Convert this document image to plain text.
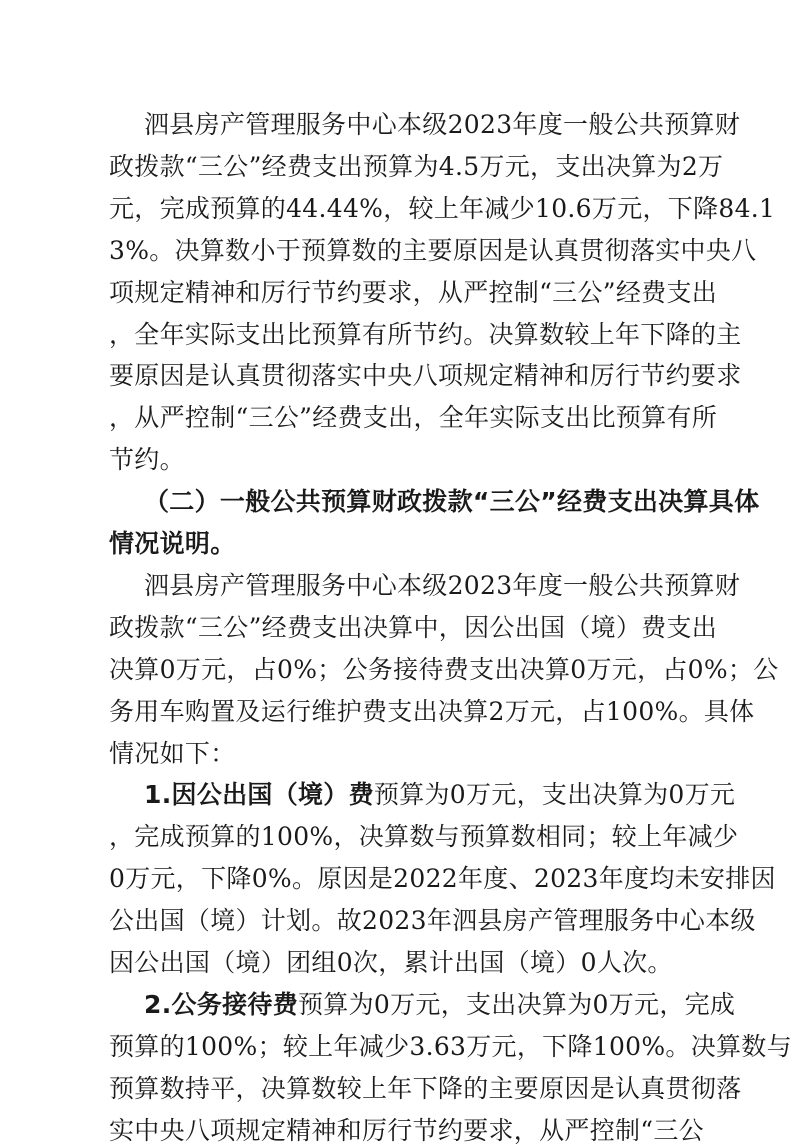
泗县房产管理服务中心本级2023年度一般公共预算财
政拨款“三公”经费支出预算为4.5万元，支出决算为2万
元，完成预算的44.44%，较上年减少10.6万元，下降84.1
3%。决算数小于预算数的主要原因是认真贯彻落实中央八
项规定精神和厉行节约要求，从严控制“三公”经费支出
，全年实际支出比预算有所节约。决算数较上年下降的主
要原因是认真贯彻落实中央八项规定精神和厉行节约要求
，从严控制“三公”经费支出，全年实际支出比预算有所
节约。
（二）一般公共预算财政拨款“三公”经费支出决算具体
情况说明。
泗县房产管理服务中心本级2023年度一般公共预算财
政拨款“三公”经费支出决算中，因公出国（境）费支出
决算0万元，占0%；公务接待费支出决算0万元，占0%；公
务用车购置及运行维护费支出决算2万元，占100%。具体
情况如下：
1.因公出国（境）费预算为0万元，支出决算为0万元
，完成预算的100%，决算数与预算数相同；较上年减少
0万元，下降0%。原因是2022年度、2023年度均未安排因
公出国（境）计划。故2023年泗县房产管理服务中心本级
因公出国（境）团组0次，累计出国（境）0人次。
2.公务接待费预算为0万元，支出决算为0万元，完成
预算的100%；较上年减少3.63万元，下降100%。决算数与
预算数持平，决算数较上年下降的主要原因是认真贯彻落
实中央八项规定精神和厉行节约要求，从严控制“三公
